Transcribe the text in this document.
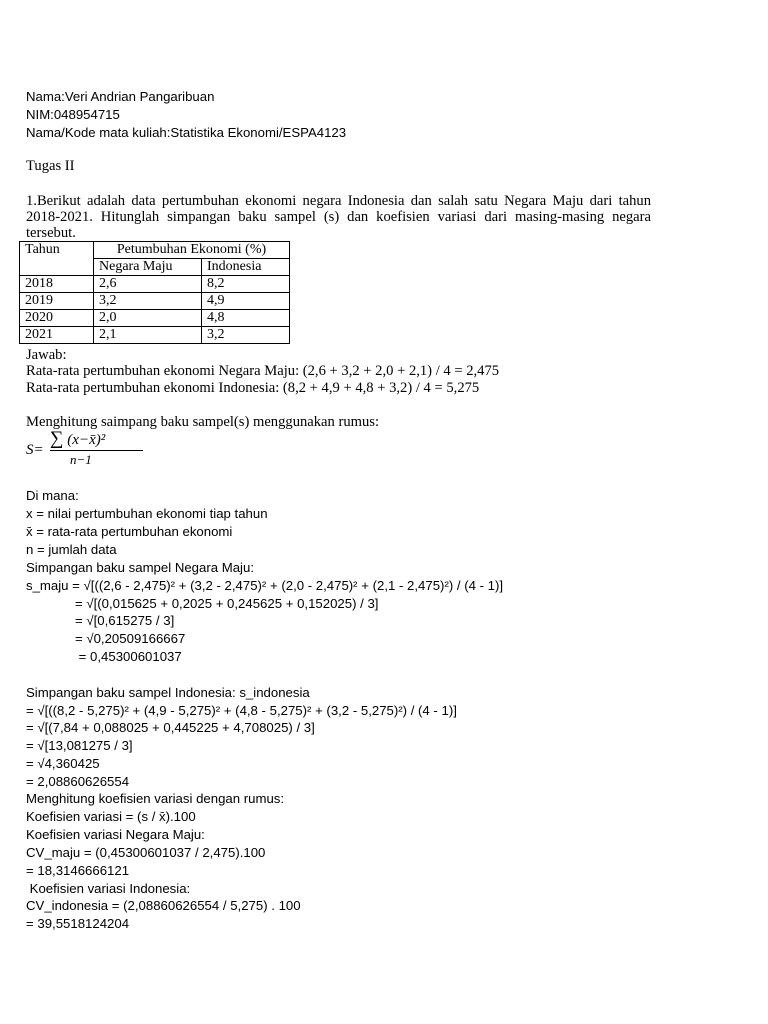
Nama:Veri Andrian Pangaribuan
NIM:048954715
Nama/Kode mata kuliah:Statistika Ekonomi/ESPA4123
Tugas II
1.Berikut adalah data pertumbuhan ekonomi negara Indonesia dan salah satu Negara Maju dari tahun 2018-2021. Hitunglah simpangan baku sampel (s) dan koefisien variasi dari masing-masing negara tersebut.
Tahun	Petumbuhan Ekonomi (%)	
	Negara Maju	Indonesia
2018	2,6	8,2
2019	3,2	4,9
2020	2,0	4,8
2021	2,1	3,2
Jawab:
Rata-rata pertumbuhan ekonomi Negara Maju: (2,6 + 3,2 + 2,0 + 2,1) / 4 = 2,475
Rata-rata pertumbuhan ekonomi Indonesia: (8,2 + 4,9 + 4,8 + 3,2) / 4 = 5,275
Menghitung saimpang baku sampel(s) menggunakan rumus:
S=
∑ (x−x̄)²
n−1
Di mana:
x = nilai pertumbuhan ekonomi tiap tahun
x̄ = rata-rata pertumbuhan ekonomi
n = jumlah data
Simpangan baku sampel Negara Maju:
s_maju = √[((2,6 - 2,475)² + (3,2 - 2,475)² + (2,0 - 2,475)² + (2,1 - 2,475)²) / (4 - 1)]
= √[(0,015625 + 0,2025 + 0,245625 + 0,152025) / 3]
= √[0,615275 / 3]
= √0,20509166667
= 0,45300601037
Simpangan baku sampel Indonesia: s_indonesia
= √[((8,2 - 5,275)² + (4,9 - 5,275)² + (4,8 - 5,275)² + (3,2 - 5,275)²) / (4 - 1)]
= √[(7,84 + 0,088025 + 0,445225 + 4,708025) / 3]
= √[13,081275 / 3]
= √4,360425
= 2,08860626554
Menghitung koefisien variasi dengan rumus:
Koefisien variasi = (s / x̄).100
Koefisien variasi Negara Maju:
CV_maju = (0,45300601037 / 2,475).100
= 18,3146666121
Koefisien variasi Indonesia:
CV_indonesia = (2,08860626554 / 5,275) . 100
= 39,5518124204
